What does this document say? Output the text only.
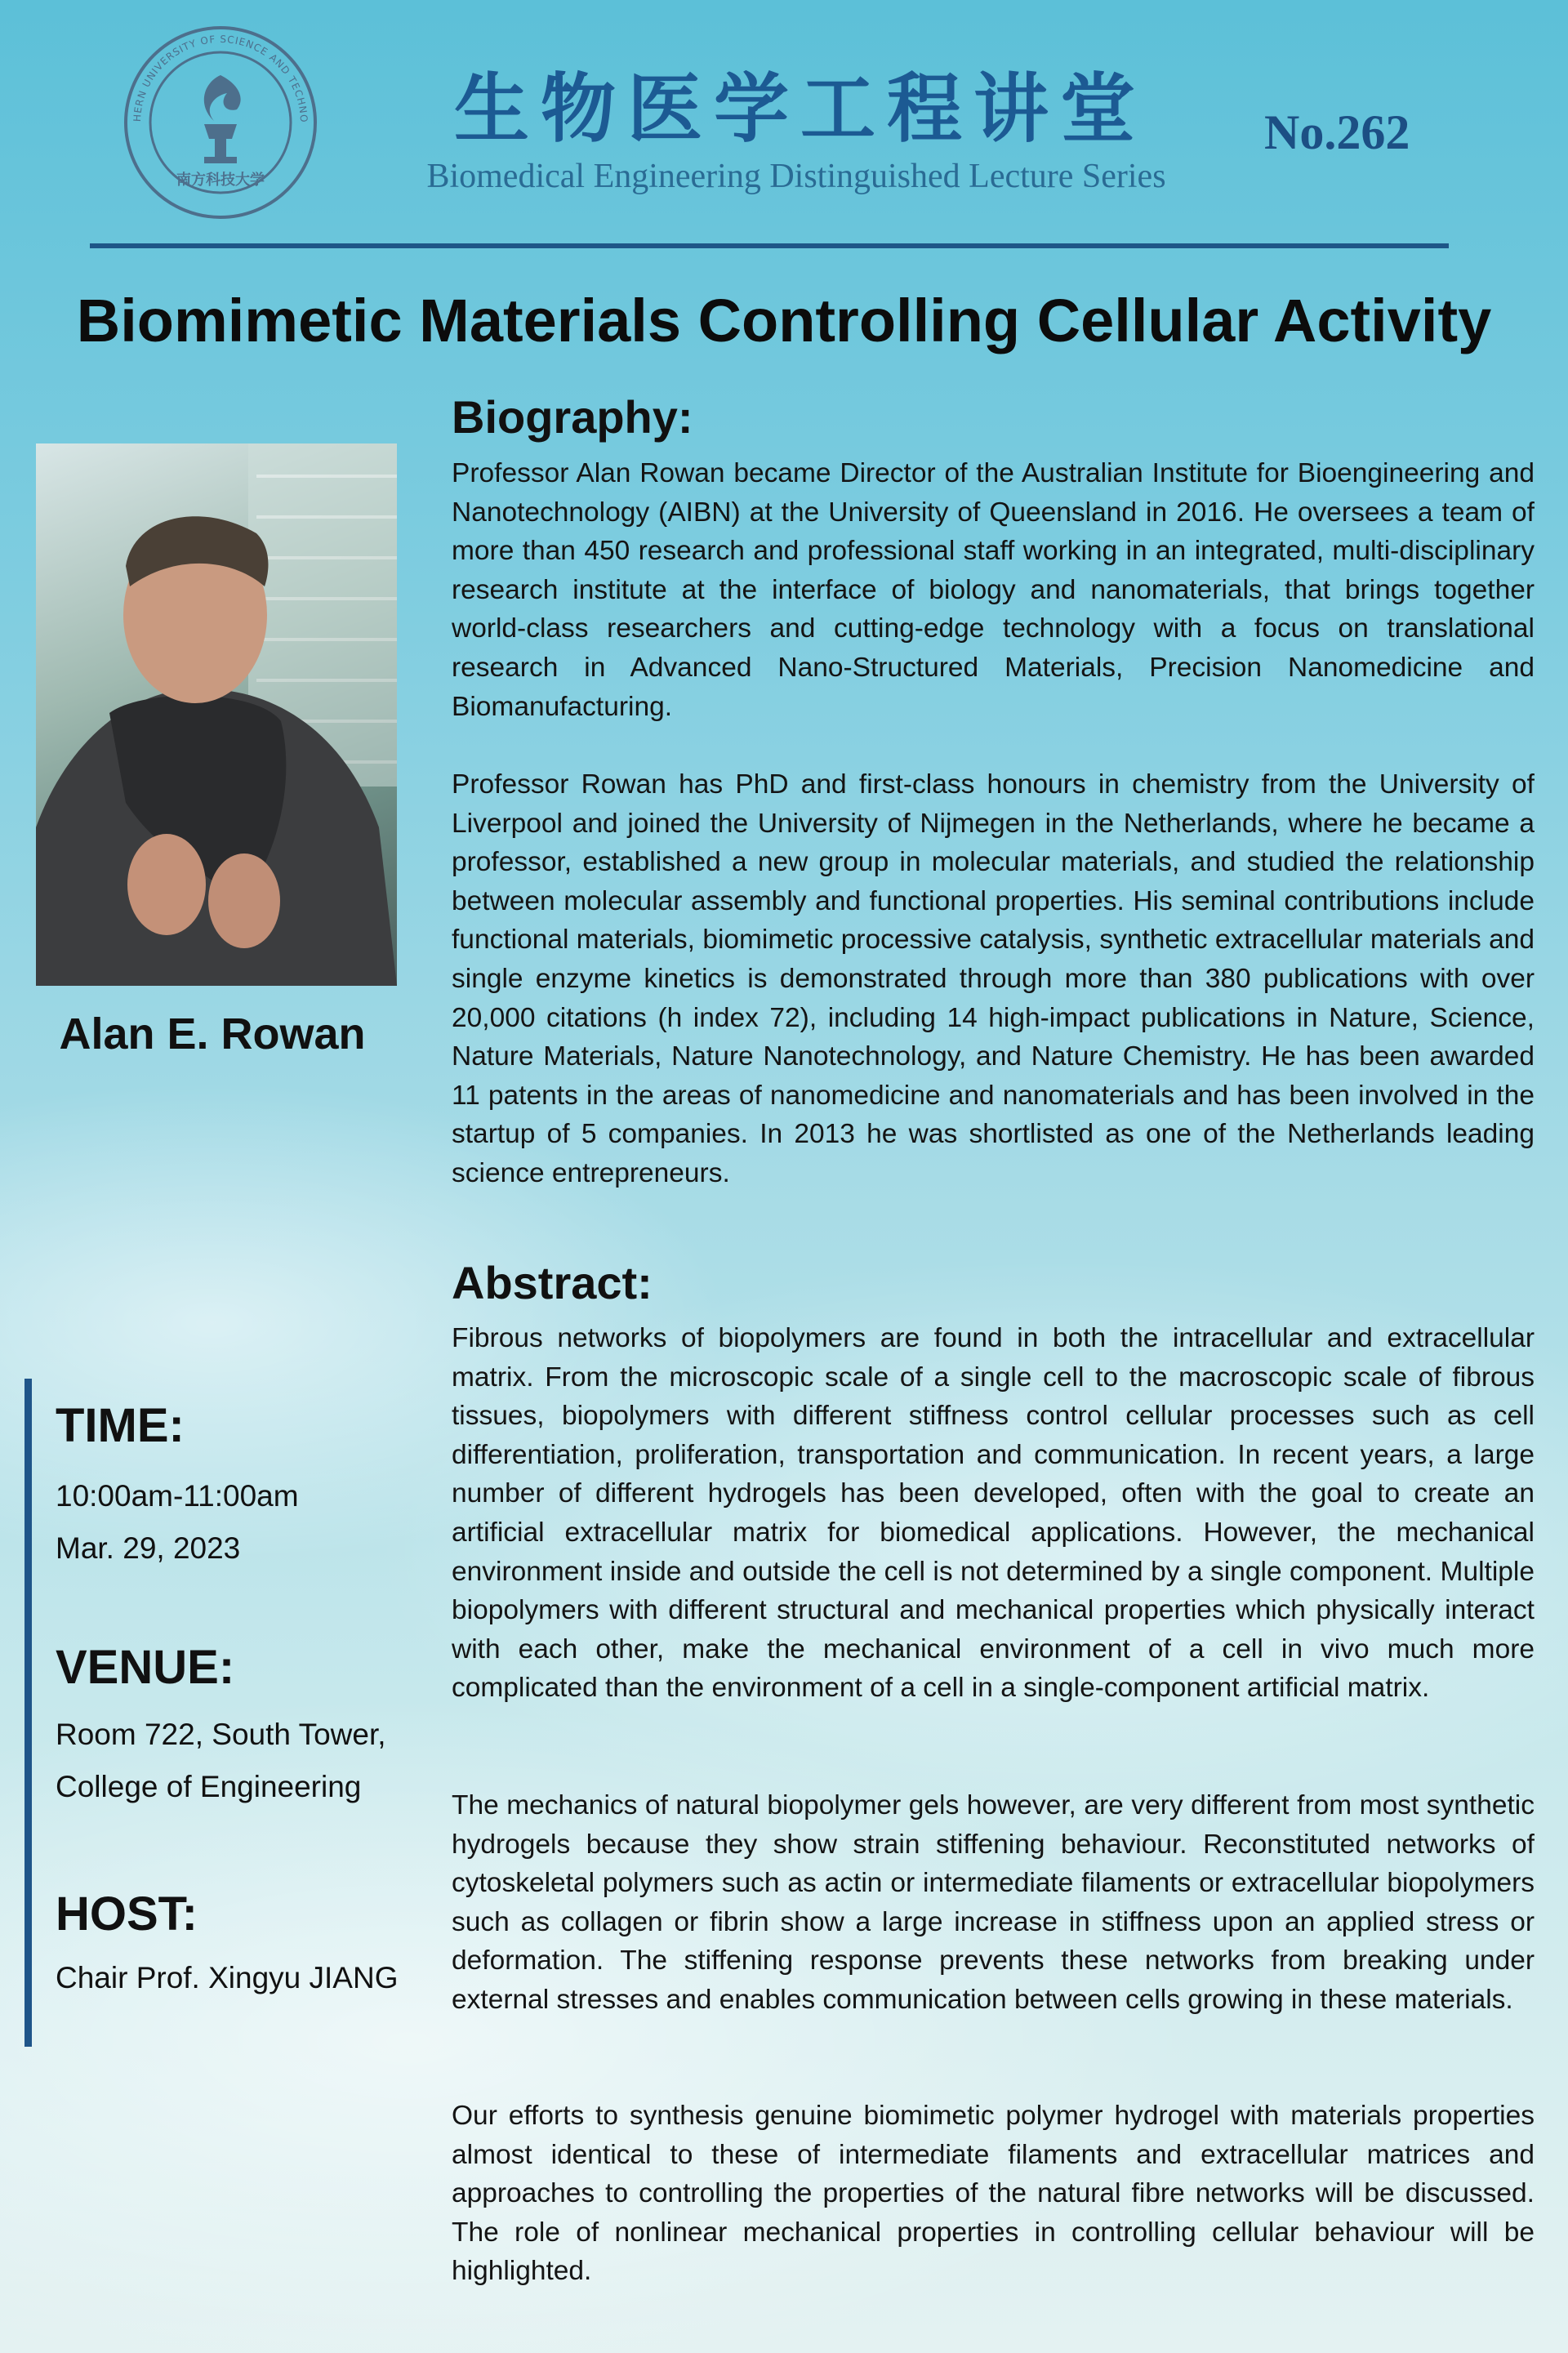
HERN UNIVERSITY OF SCIENCE AND TECHNO
南方科技大学
生物医学工程讲堂
Biomedical Engineering Distinguished Lecture Series
No.262
Biomimetic Materials Controlling Cellular Activity
Alan E. Rowan
TIME:
10:00am-11:00am
Mar. 29, 2023
VENUE:
Room 722, South Tower,
College of Engineering
HOST:
Chair Prof. Xingyu JIANG
Biography:

Professor Alan Rowan became Director of the Australian Institute for Bioengineering and Nanotechnology (AIBN) at the University of Queensland in 2016. He oversees a team of more than 450 research and professional staff working in an integrated, multi-disciplinary research institute at the interface of biology and nanomaterials, that brings together world-class researchers and cutting-edge technology with a focus on translational research in Advanced Nano-Structured Materials, Precision Nanomedicine and Biomanufacturing.

Professor Rowan has PhD and first-class honours in chemistry from the University of Liverpool and joined the University of Nijmegen in the Netherlands, where he became a professor, established a new group in molecular materials, and studied the relationship between molecular assembly and functional properties. His seminal contributions include functional materials, biomimetic processive catalysis, synthetic extracellular materials and single enzyme kinetics is demonstrated through more than 380 publications with over 20,000 citations (h index 72), including 14 high-impact publications in Nature, Science, Nature Materials, Nature Nanotechnology, and Nature Chemistry. He has been awarded 11 patents in the areas of nanomedicine and nanomaterials and has been involved in the startup of 5 companies. In 2013 he was shortlisted as one of the Netherlands leading science entrepreneurs.

Abstract:

Fibrous networks of biopolymers are found in both the intracellular and extracellular matrix. From the microscopic scale of a single cell to the macroscopic scale of fibrous tissues, biopolymers with different stiffness control cellular processes such as cell differentiation, proliferation, transportation and communication. In recent years, a large number of different hydrogels has been developed, often with the goal to create an artificial extracellular matrix for biomedical applications. However, the mechanical environment inside and outside the cell is not determined by a single component. Multiple biopolymers with different structural and mechanical properties which physically interact with each other, make the mechanical environment of a cell in vivo much more complicated than the environment of a cell in a single-component artificial matrix.

The mechanics of natural biopolymer gels however, are very different from most synthetic hydrogels because they show strain stiffening behaviour. Reconstituted networks of cytoskeletal polymers such as actin or intermediate filaments or extracellular biopolymers such as collagen or fibrin show a large increase in stiffness upon an applied stress or deformation. The stiffening response prevents these networks from breaking under external stresses and enables communication between cells growing in these materials.

Our efforts to synthesis genuine biomimetic polymer hydrogel with materials properties almost identical to these of intermediate filaments and extracellular matrices and approaches to controlling the properties of the natural fibre networks will be discussed. The role of nonlinear mechanical properties in controlling cellular behaviour will be highlighted.
